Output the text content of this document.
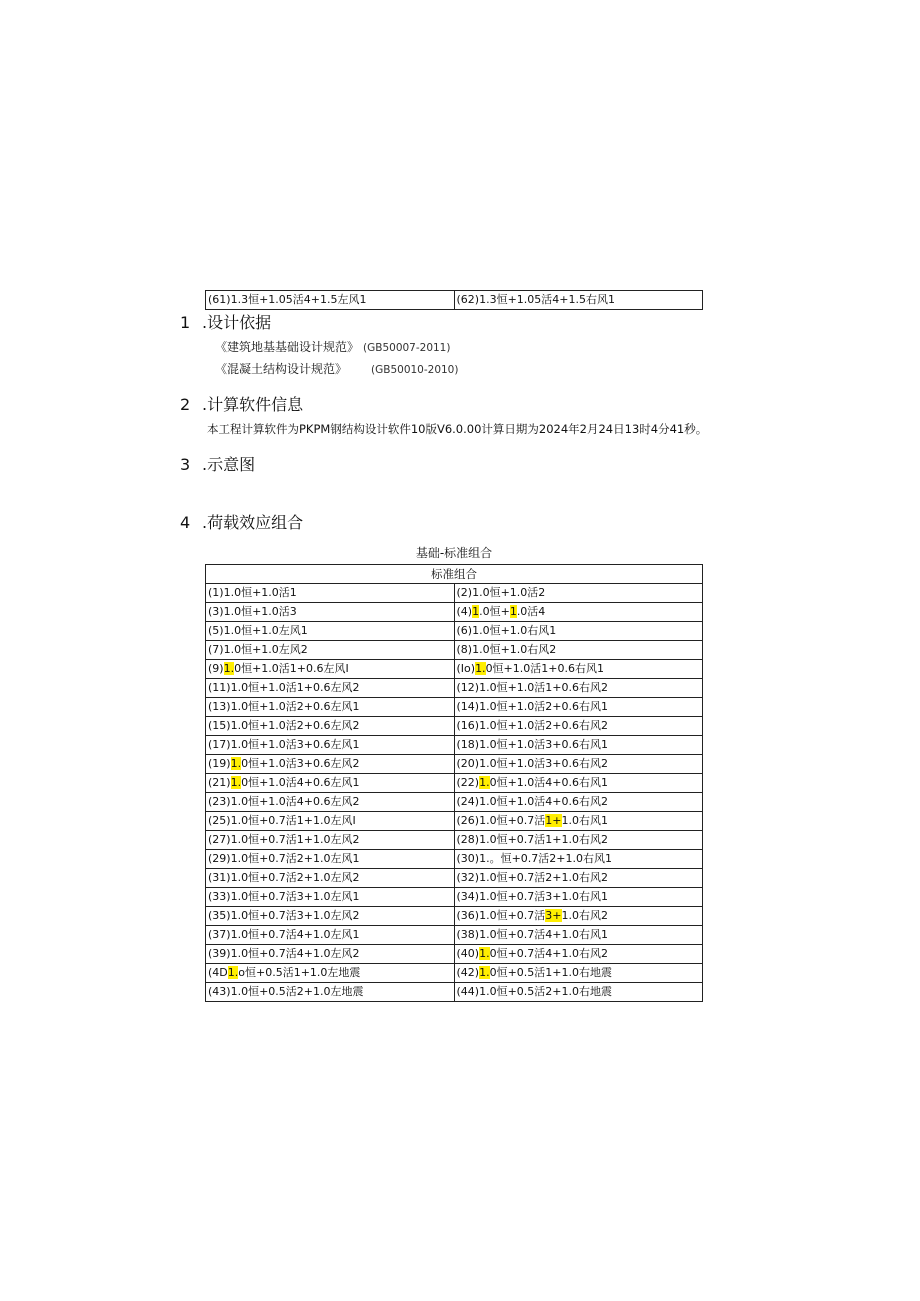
(61)1.3恒+1.05活4+1.5左风1	(62)1.3恒+1.05活4+1.5右风1
1 .设计依据
《建筑地基基础设计规范》 (GB50007-2011)
《混凝土结构设计规范》 (GB50010-2010)
2 .计算软件信息
本工程计算软件为PKPM钢结构设计软件10版V6.0.00计算日期为2024年2月24日13时4分41秒。
3 .示意图
4 .荷载效应组合
基础-标准组合
标准组合	
(1)1.0恒+1.0活1	(2)1.0恒+1.0活2
(3)1.0恒+1.0活3	(4)1.0恒+1.0活4
(5)1.0恒+1.0左风1	(6)1.0恒+1.0右风1
(7)1.0恒+1.0左风2	(8)1.0恒+1.0右风2
(9)1.0恒+1.0活1+0.6左风I	(Io)1.0恒+1.0活1+0.6右风1
(11)1.0恒+1.0活1+0.6左风2	(12)1.0恒+1.0活1+0.6右风2
(13)1.0恒+1.0活2+0.6左风1	(14)1.0恒+1.0活2+0.6右风1
(15)1.0恒+1.0活2+0.6左风2	(16)1.0恒+1.0活2+0.6右风2
(17)1.0恒+1.0活3+0.6左风1	(18)1.0恒+1.0活3+0.6右风1
(19)1.0恒+1.0活3+0.6左风2	(20)1.0恒+1.0活3+0.6右风2
(21)1.0恒+1.0活4+0.6左风1	(22)1.0恒+1.0活4+0.6右风1
(23)1.0恒+1.0活4+0.6左风2	(24)1.0恒+1.0活4+0.6右风2
(25)1.0恒+0.7活1+1.0左风I	(26)1.0恒+0.7活1+1.0右风1
(27)1.0恒+0.7活1+1.0左风2	(28)1.0恒+0.7活1+1.0右风2
(29)1.0恒+0.7活2+1.0左风1	(30)1.。恒+0.7活2+1.0右风1
(31)1.0恒+0.7活2+1.0左风2	(32)1.0恒+0.7活2+1.0右风2
(33)1.0恒+0.7活3+1.0左风1	(34)1.0恒+0.7活3+1.0右风1
(35)1.0恒+0.7活3+1.0左风2	(36)1.0恒+0.7活3+1.0右风2
(37)1.0恒+0.7活4+1.0左风1	(38)1.0恒+0.7活4+1.0右风1
(39)1.0恒+0.7活4+1.0左风2	(40)1.0恒+0.7活4+1.0右风2
(4D1.o恒+0.5活1+1.0左地震	(42)1.0恒+0.5活1+1.0右地震
(43)1.0恒+0.5活2+1.0左地震	(44)1.0恒+0.5活2+1.0右地震
